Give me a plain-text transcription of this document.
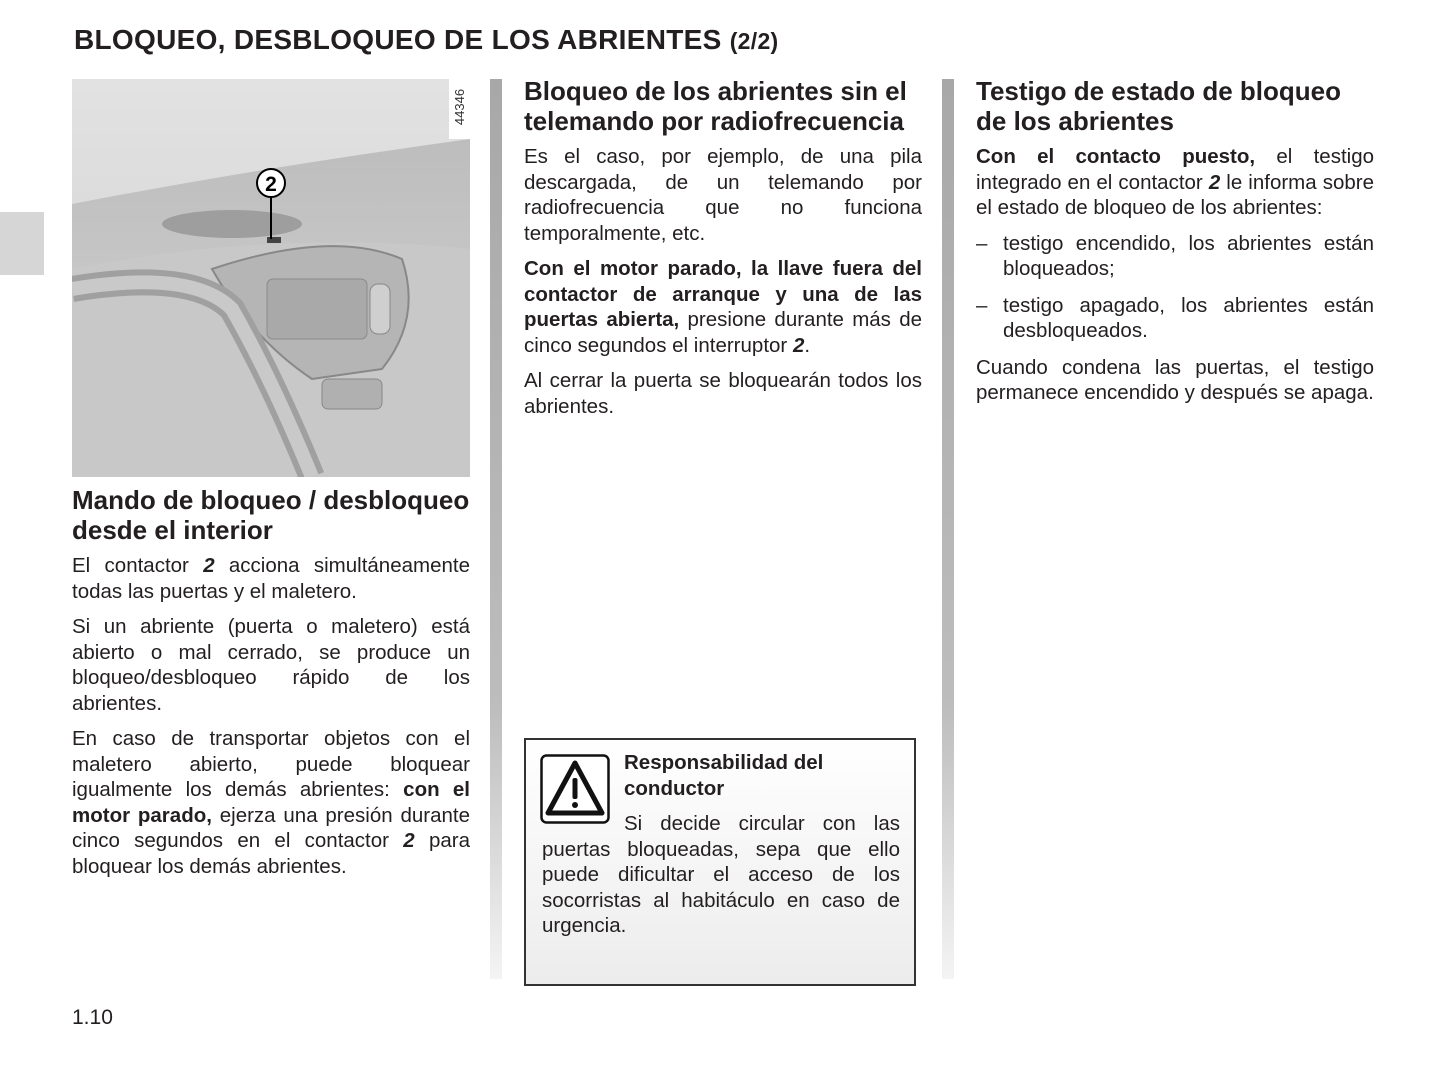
BLOQUEO, DESBLOQUEO DE LOS ABRIENTES (2/2)
44346
2
Mando de bloqueo / desbloqueo desde el interior

El contactor 2 acciona simultáneamente todas las puertas y el maletero.

Si un abriente (puerta o maletero) está abierto o mal cerrado, se produce un bloqueo/desbloqueo rápido de los abrientes.

En caso de transportar objetos con el maletero abierto, puede bloquear igualmente los demás abrientes: con el motor parado, ejerza una presión durante cinco segundos en el contactor 2 para bloquear los demás abrientes.

Bloqueo de los abrientes sin el telemando por radiofrecuencia

Es el caso, por ejemplo, de una pila descargada, de un telemando por radiofrecuencia que no funciona temporalmente, etc.

Con el motor parado, la llave fuera del contactor de arranque y una de las puertas abierta, presione durante más de cinco segundos el interruptor 2.

Al cerrar la puerta se bloquearán todos los abrientes.

Responsabilidad del conductor

Si decide circular con las puertas bloqueadas, sepa que ello puede dificultar el acceso de los socorristas al habitáculo en caso de urgencia.

Testigo de estado de bloqueo de los abrientes

Con el contacto puesto, el testigo integrado en el contactor 2 le informa sobre el estado de bloqueo de los abrientes:

– testigo encendido, los abrientes están bloqueados;
– testigo apagado, los abrientes están desbloqueados.

Cuando condena las puertas, el testigo permanece encendido y después se apaga.

1.10
